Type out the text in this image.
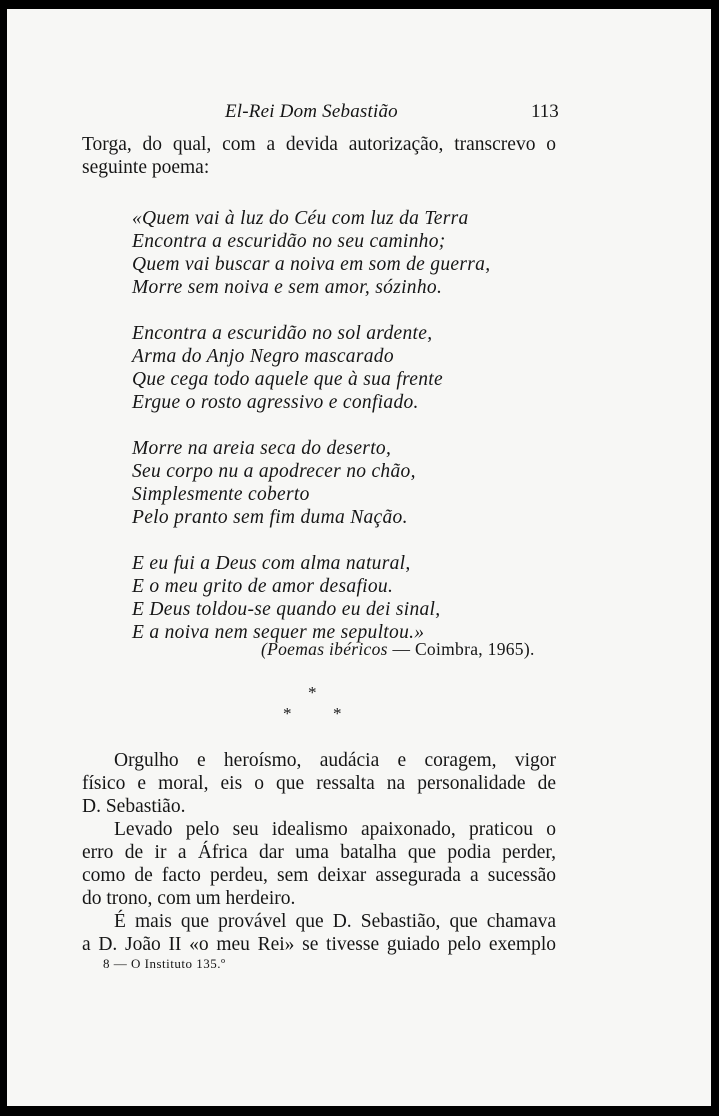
El-Rei Dom Sebastião	113
Torga, do qual, com a devida autorização, transcrevo o
seguinte poema:
«Quem vai à luz do Céu com luz da Terra
Encontra a escuridão no seu caminho;
Quem vai buscar a noiva em som de guerra,
Morre sem noiva e sem amor, sózinho.
Encontra a escuridão no sol ardente,
Arma do Anjo Negro mascarado
Que cega todo aquele que à sua frente
Ergue o rosto agressivo e confiado.
Morre na areia seca do deserto,
Seu corpo nu a apodrecer no chão,
Simplesmente coberto
Pelo pranto sem fim duma Nação.
E eu fui a Deus com alma natural,
E o meu grito de amor desafiou.
E Deus toldou-se quando eu dei sinal,
E a noiva nem sequer me sepultou.»
(Poemas ibéricos — Coimbra, 1965).
*
* *
Orgulho e heroísmo, audácia e coragem, vigor
físico e moral, eis o que ressalta na personalidade de
D. Sebastião.
Levado pelo seu idealismo apaixonado, praticou o
erro de ir a África dar uma batalha que podia perder,
como de facto perdeu, sem deixar assegurada a sucessão
do trono, com um herdeiro.
É mais que provável que D. Sebastião, que chamava
a D. João II «o meu Rei» se tivesse guiado pelo exemplo
8 — O Instituto 135.º
